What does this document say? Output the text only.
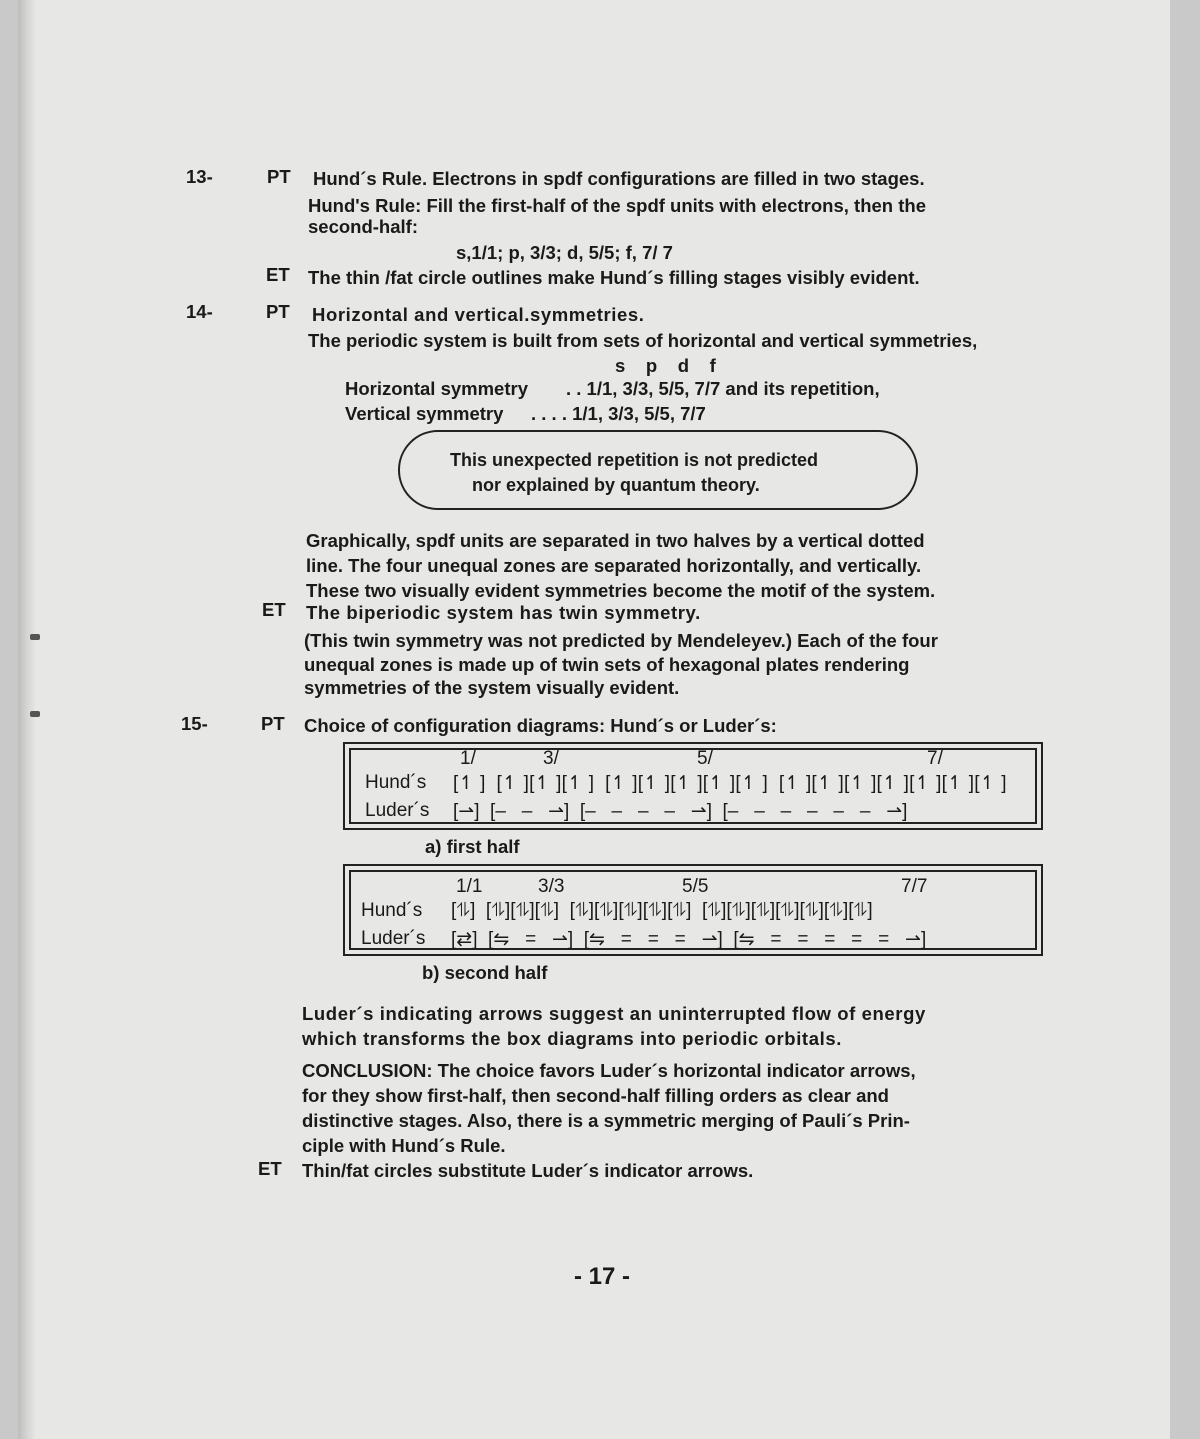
13-	PT Hund´s Rule. Electrons in spdf configurations are filled in two stages.
Hund's Rule: Fill the first-half of the spdf units with electrons, then the
second-half:
s,1/1; p, 3/3; d, 5/5; f, 7/ 7
ET The thin /fat circle outlines make Hund´s filling stages visibly evident.
14-	PT Horizontal and vertical.symmetries.
The periodic system is built from sets of horizontal and vertical symmetries,
s    p    d    f
Horizontal symmetry . . 1/1, 3/3, 5/5, 7/7 and its repetition,
Vertical symmetry . . . . 1/1, 3/3, 5/5, 7/7
This unexpected repetition is not predicted
nor explained by quantum theory.
Graphically, spdf units are separated in two halves by a vertical dotted
line. The four unequal zones are separated horizontally, and vertically.
These two visually evident symmetries become the motif of the system.
ET The biperiodic system has twin symmetry.
(This twin symmetry was not predicted by Mendeleyev.) Each of the four
unequal zones is made up of twin sets of hexagonal plates rendering
symmetries of the system visually evident.
15-	PT Choice of configuration diagrams: Hund´s or Luder´s:
1/	3/	5/	7/
Hund´s [↿ ]  [↿ ][↿ ][↿ ]  [↿ ][↿ ][↿ ][↿ ][↿ ]  [↿ ][↿ ][↿ ][↿ ][↿ ][↿ ][↿ ]
Luder´s [⇀]  [–   –   ⇀]  [–   –   –   –   ⇀]  [–   –   –   –   –   –   ⇀]
a) first half
1/1	3/3	5/5	7/7
Hund´s [⥮]  [⥮][⥮][⥮]  [⥮][⥮][⥮][⥮][⥮]  [⥮][⥮][⥮][⥮][⥮][⥮][⥮]
Luder´s [⇄]  [⇋   =   ⇀]  [⇋   =   =   =   ⇀]  [⇋   =   =   =   =   =   ⇀]
b) second half
Luder´s indicating arrows suggest an uninterrupted flow of energy
which transforms the box diagrams into periodic orbitals.
CONCLUSION: The choice favors Luder´s horizontal indicator arrows,
for they show first-half, then second-half filling orders as clear and
distinctive stages. Also, there is a symmetric merging of Pauli´s Prin-
ciple with Hund´s Rule.
ET Thin/fat circles substitute Luder´s indicator arrows.
- 17 -
